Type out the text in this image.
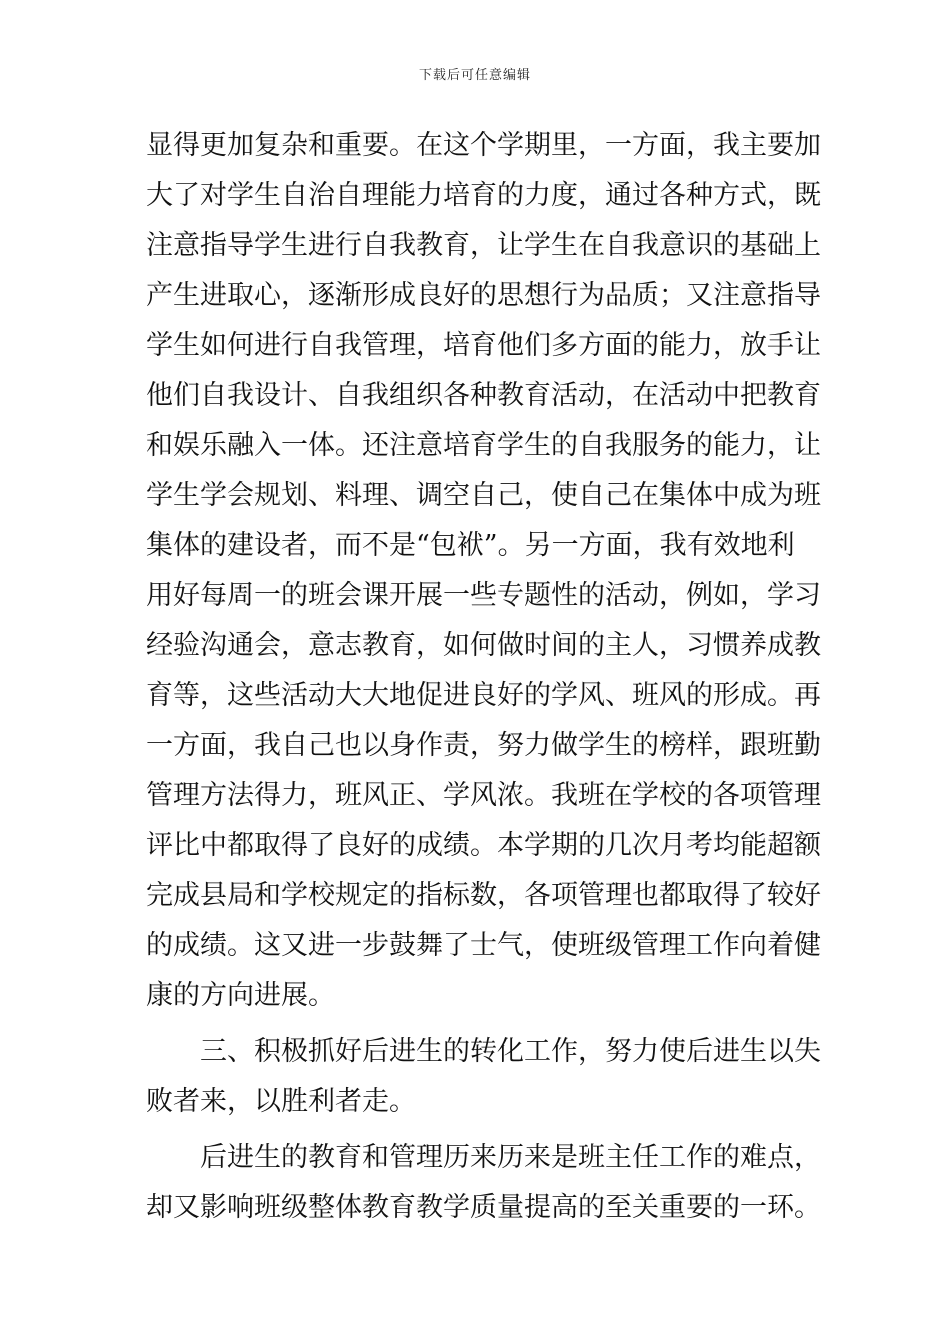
下载后可任意编辑
显得更加复杂和重要。在这个学期里，一方面，我主要加
大了对学生自治自理能力培育的力度，通过各种方式，既
注意指导学生进行自我教育，让学生在自我意识的基础上
产生进取心，逐渐形成良好的思想行为品质；又注意指导
学生如何进行自我管理，培育他们多方面的能力，放手让
他们自我设计、自我组织各种教育活动，在活动中把教育
和娱乐融入一体。还注意培育学生的自我服务的能力，让
学生学会规划、料理、调空自己，使自己在集体中成为班
集体的建设者，而不是“包袱”。另一方面，我有效地利
用好每周一的班会课开展一些专题性的活动，例如，学习
经验沟通会，意志教育，如何做时间的主人，习惯养成教
育等，这些活动大大地促进良好的学风、班风的形成。再
一方面，我自己也以身作责，努力做学生的榜样，跟班勤
管理方法得力，班风正、学风浓。我班在学校的各项管理
评比中都取得了良好的成绩。本学期的几次月考均能超额
完成县局和学校规定的指标数，各项管理也都取得了较好
的成绩。这又进一步鼓舞了士气，使班级管理工作向着健
康的方向进展。
三、积极抓好后进生的转化工作，努力使后进生以失
败者来，以胜利者走。
后进生的教育和管理历来历来是班主任工作的难点，
却又影响班级整体教育教学质量提高的至关重要的一环。
